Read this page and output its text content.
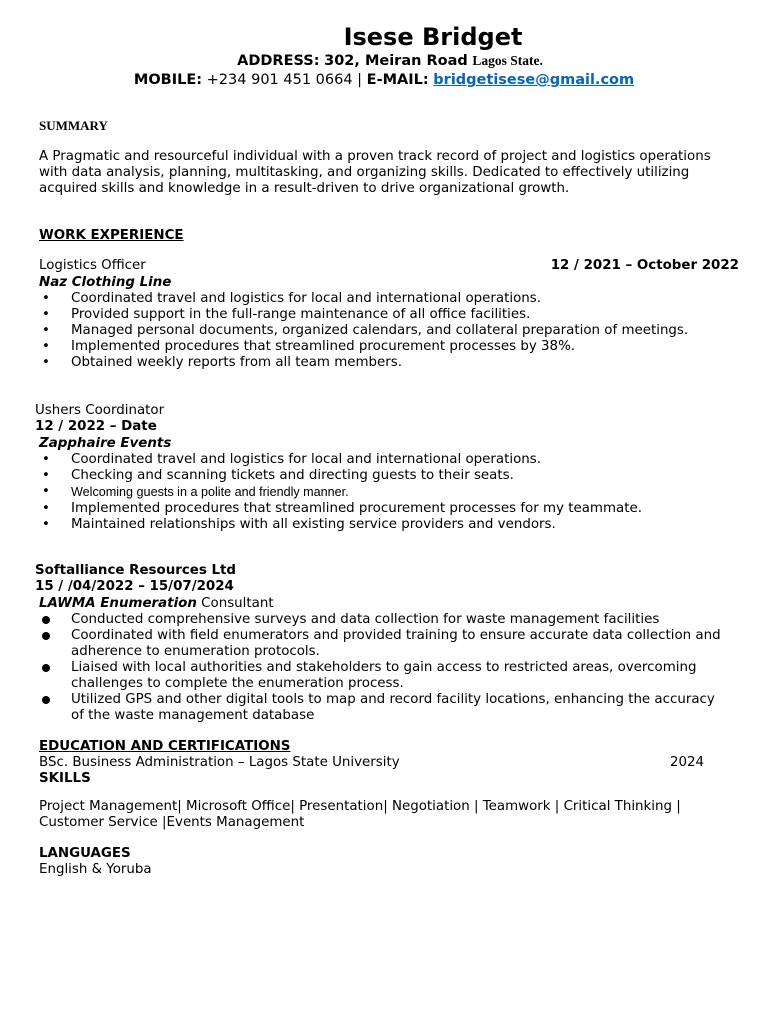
Isese Bridget
ADDRESS: 302, Meiran Road Lagos State.
MOBILE: +234 901 451 0664 | E-MAIL: bridgetisese@gmail.com
SUMMARY
A Pragmatic and resourceful individual with a proven track record of project and logistics operations with data analysis, planning, multitasking, and organizing skills. Dedicated to effectively utilizing acquired skills and knowledge in a result-driven to drive organizational growth.
WORK EXPERIENCE
Logistics Officer	12 / 2021 – October 2022
Naz Clothing Line
• Coordinated travel and logistics for local and international operations.
• Provided support in the full-range maintenance of all office facilities.
• Managed personal documents, organized calendars, and collateral preparation of meetings.
• Implemented procedures that streamlined procurement processes by 38%.
• Obtained weekly reports from all team members.
Ushers Coordinator
12 / 2022 – Date
Zapphaire Events
• Coordinated travel and logistics for local and international operations.
• Checking and scanning tickets and directing guests to their seats.
• Welcoming guests in a polite and friendly manner.
• Implemented procedures that streamlined procurement processes for my teammate.
• Maintained relationships with all existing service providers and vendors.
Softalliance Resources Ltd
15 / /04/2022 – 15/07/2024
LAWMA Enumeration Consultant
Conducted comprehensive surveys and data collection for waste management facilities
Coordinated with field enumerators and provided training to ensure accurate data collection and adherence to enumeration protocols.
Liaised with local authorities and stakeholders to gain access to restricted areas, overcoming challenges to complete the enumeration process.
Utilized GPS and other digital tools to map and record facility locations, enhancing the accuracy of the waste management database
EDUCATION AND CERTIFICATIONS
BSc. Business Administration – Lagos State University	2024
SKILLS
Project Management| Microsoft Office| Presentation| Negotiation | Teamwork | Critical Thinking | Customer Service |Events Management
LANGUAGES
English & Yoruba
